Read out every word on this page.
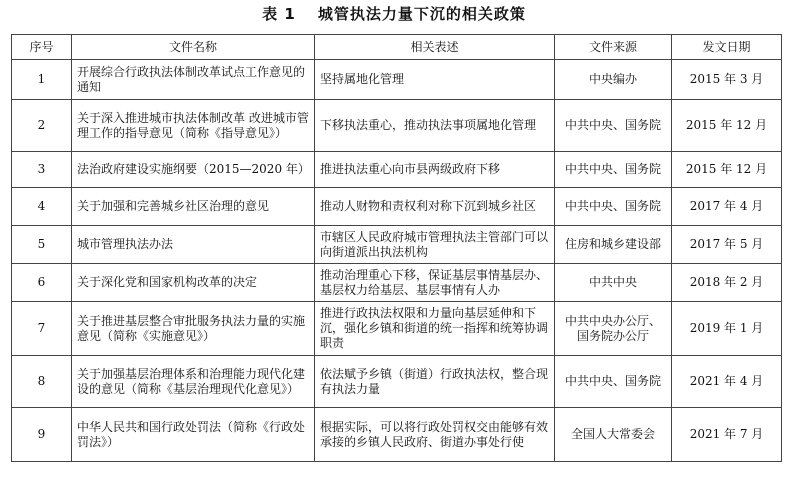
表 1 城管执法力量下沉的相关政策
序号	文件名称	相关表述	文件来源	发文日期
1	开展综合行政执法体制改革试点工作意见的通知	坚持属地化管理	中央编办	2015 年 3 月
2	关于深入推进城市执法体制改革 改进城市管理工作的指导意见（简称《指导意见》）	下移执法重心，推动执法事项属地化管理	中共中央、国务院	2015 年 12 月
3	法治政府建设实施纲要（2015—2020 年）	推进执法重心向市县两级政府下移	中共中央、国务院	2015 年 12 月
4	关于加强和完善城乡社区治理的意见	推动人财物和责权利对称下沉到城乡社区	中共中央、国务院	2017 年 4 月
5	城市管理执法办法	市辖区人民政府城市管理执法主管部门可以向街道派出执法机构	住房和城乡建设部	2017 年 5 月
6	关于深化党和国家机构改革的决定	推动治理重心下移，保证基层事情基层办、基层权力给基层、基层事情有人办	中共中央	2018 年 2 月
7	关于推进基层整合审批服务执法力量的实施意见（简称《实施意见》）	推进行政执法权限和力量向基层延伸和下沉，强化乡镇和街道的统一指挥和统筹协调职责	中共中央办公厅、国务院办公厅	2019 年 1 月
8	关于加强基层治理体系和治理能力现代化建设的意见（简称《基层治理现代化意见》）	依法赋予乡镇（街道）行政执法权，整合现有执法力量	中共中央、国务院	2021 年 4 月
9	中华人民共和国行政处罚法（简称《行政处罚法》）	根据实际，可以将行政处罚权交由能够有效承接的乡镇人民政府、街道办事处行使	全国人大常委会	2021 年 7 月
